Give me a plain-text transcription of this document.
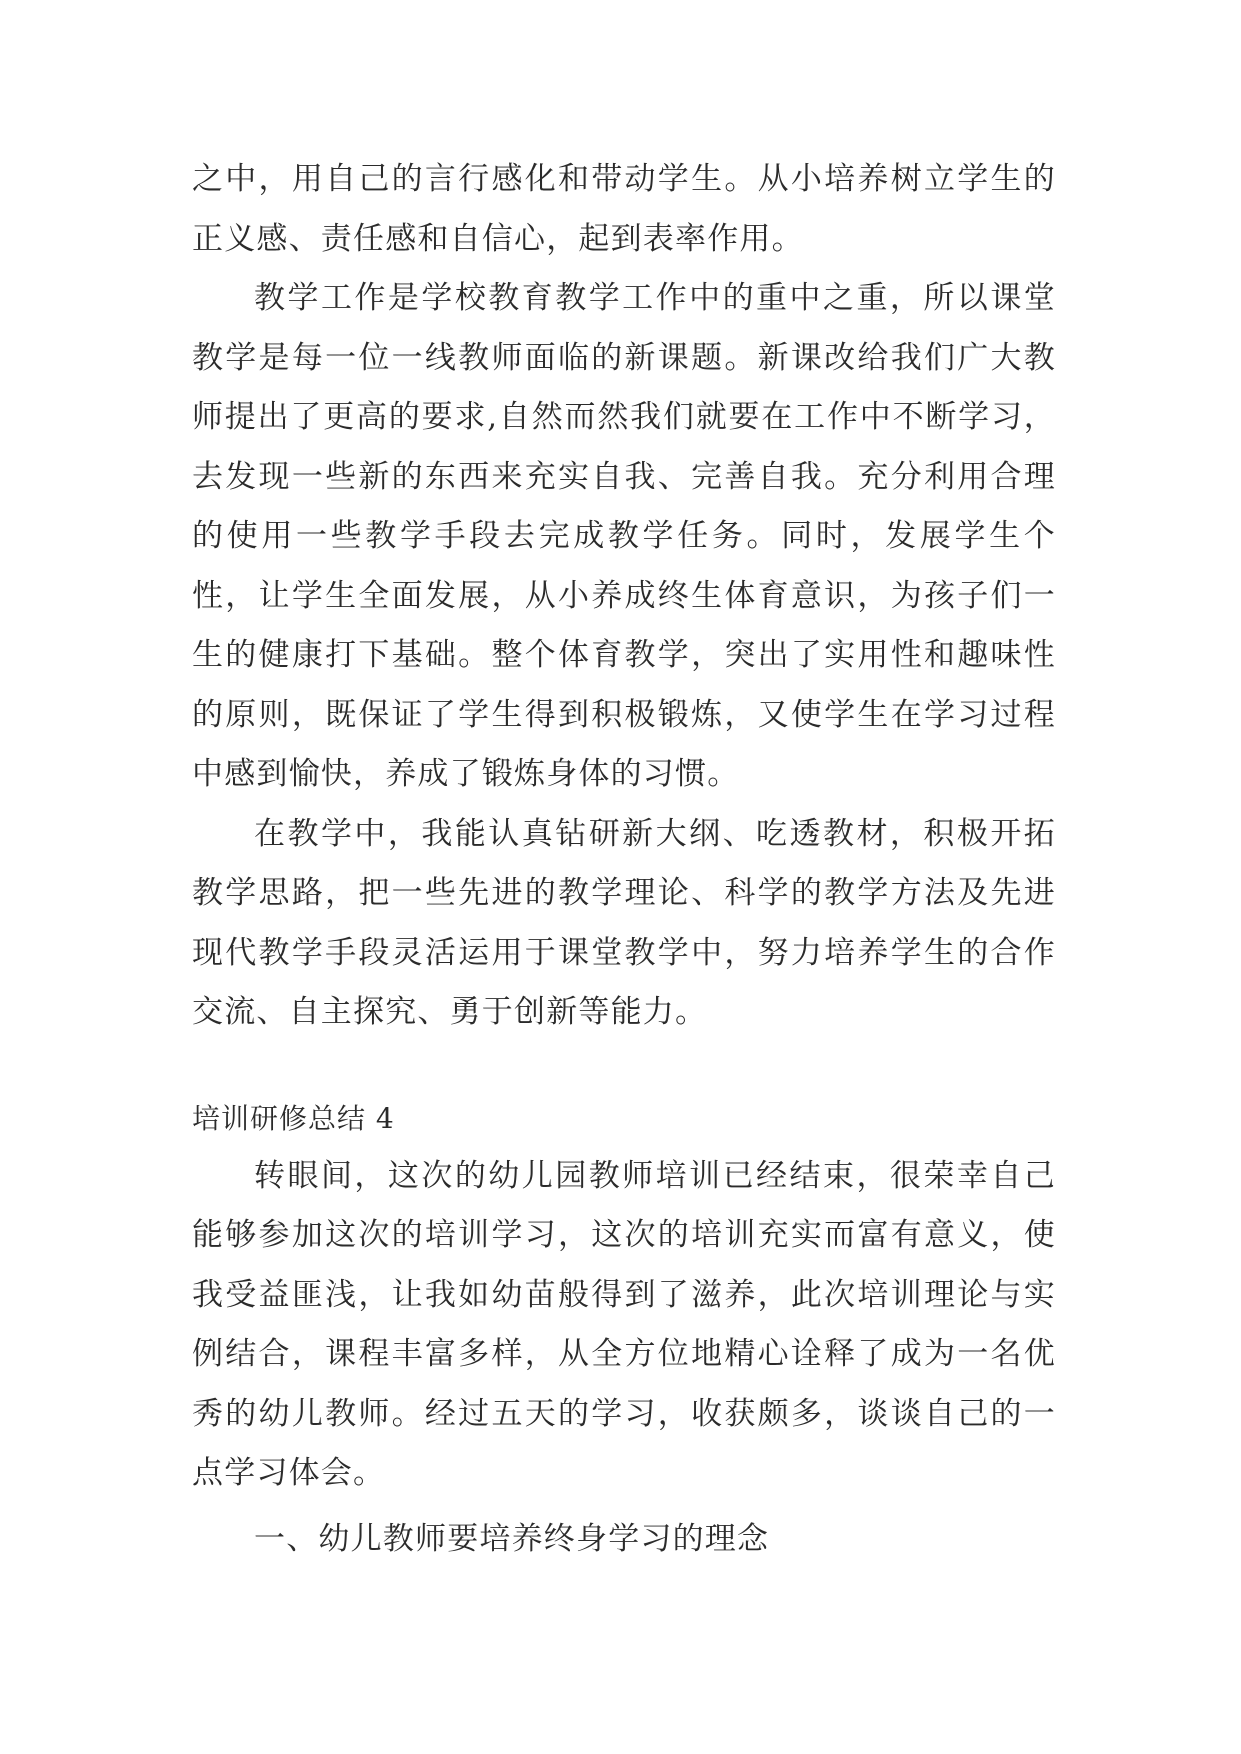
之中，用自己的言行感化和带动学生。从小培养树立学生的正义感、责任感和自信心，起到表率作用。

教学工作是学校教育教学工作中的重中之重，所以课堂教学是每一位一线教师面临的新课题。新课改给我们广大教师提出了更高的要求,自然而然我们就要在工作中不断学习，去发现一些新的东西来充实自我、完善自我。充分利用合理的使用一些教学手段去完成教学任务。同时，发展学生个性，让学生全面发展，从小养成终生体育意识，为孩子们一生的健康打下基础。整个体育教学，突出了实用性和趣味性的原则，既保证了学生得到积极锻炼，又使学生在学习过程中感到愉快，养成了锻炼身体的习惯。

在教学中，我能认真钻研新大纲、吃透教材，积极开拓教学思路，把一些先进的教学理论、科学的教学方法及先进现代教学手段灵活运用于课堂教学中，努力培养学生的合作交流、自主探究、勇于创新等能力。

培训研修总结 4

转眼间，这次的幼儿园教师培训已经结束，很荣幸自己能够参加这次的培训学习，这次的培训充实而富有意义，使我受益匪浅，让我如幼苗般得到了滋养，此次培训理论与实例结合，课程丰富多样，从全方位地精心诠释了成为一名优秀的幼儿教师。经过五天的学习，收获颇多，谈谈自己的一点学习体会。

一、幼儿教师要培养终身学习的理念
